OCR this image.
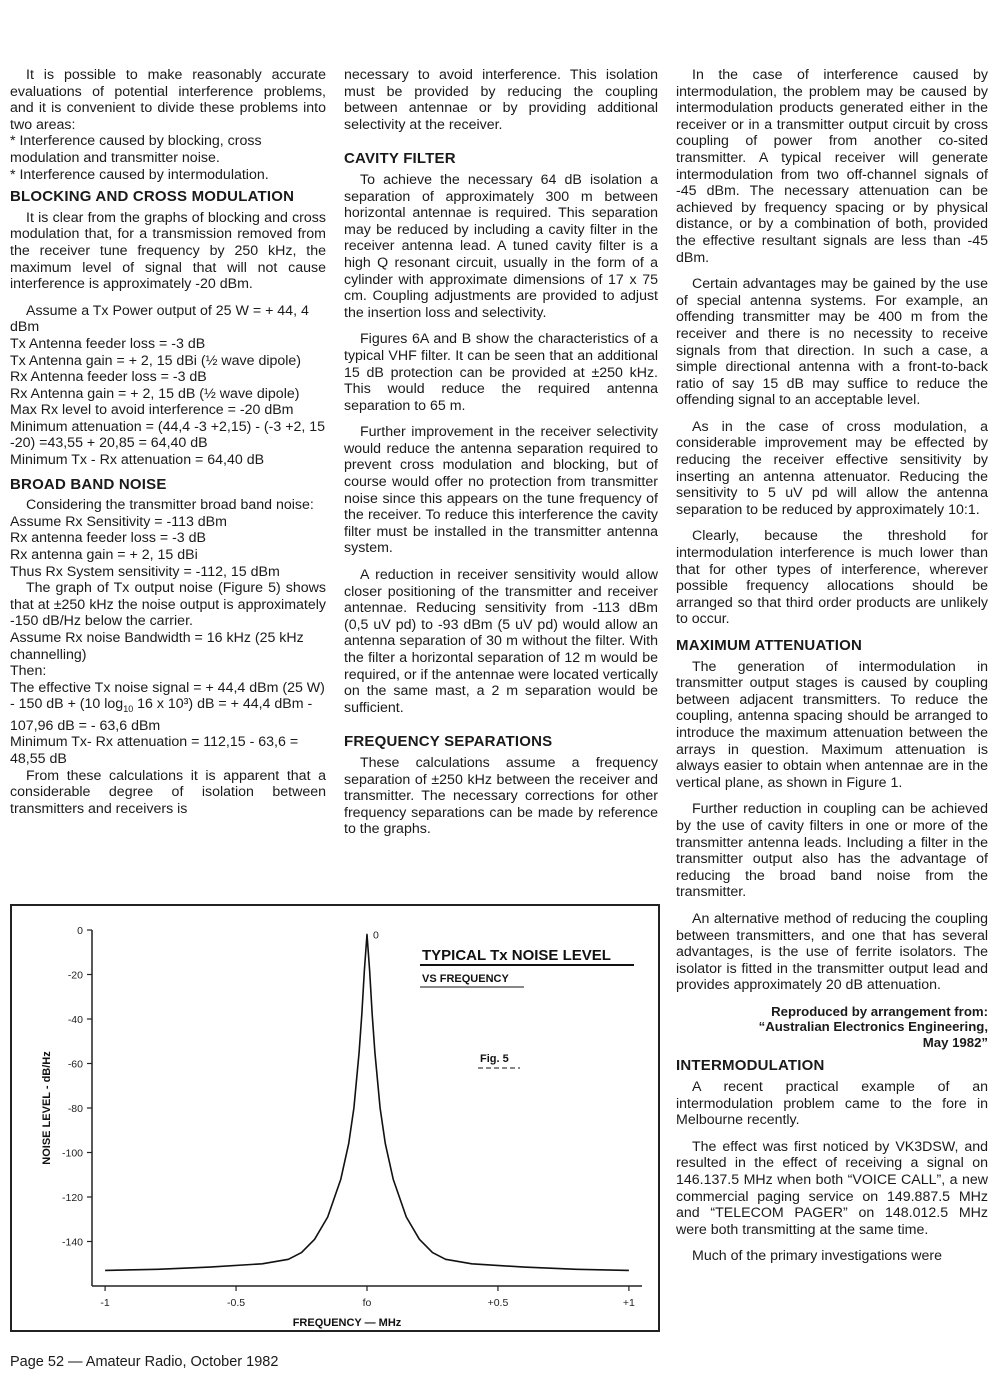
It is possible to make reasonably accurate evaluations of potential interference problems, and it is convenient to divide these problems into two areas:

* Interference caused by blocking, cross modulation and transmitter noise.

* Interference caused by intermodulation.

BLOCKING AND CROSS MODULATION

It is clear from the graphs of blocking and cross modulation that, for a transmission removed from the receiver tune frequency by 250 kHz, the maximum level of signal that will not cause interference is approximately -20 dBm.

Assume a Tx Power output of 25 W = + 44, 4 dBm

Tx Antenna feeder loss = -3 dB

Tx Antenna gain = + 2, 15 dBi (½ wave dipole)

Rx Antenna feeder loss = -3 dB

Rx Antenna gain = + 2, 15 dB (½ wave dipole)

Max Rx level to avoid interference = -20 dBm

Minimum attenuation = (44,4 -3 +2,15) - (-3 +2, 15 -20) =43,55 + 20,85 = 64,40 dB

Minimum Tx - Rx attenuation = 64,40 dB

BROAD BAND NOISE

Considering the transmitter broad band noise:

Assume Rx Sensitivity = -113 dBm

Rx antenna feeder loss = -3 dB

Rx antenna gain = + 2, 15 dBi

Thus Rx System sensitivity = -112, 15 dBm

The graph of Tx output noise (Figure 5) shows that at ±250 kHz the noise output is approximately -150 dB/Hz below the carrier.

Assume Rx noise Bandwidth = 16 kHz (25 kHz channelling)

Then:

The effective Tx noise signal = + 44,4 dBm (25 W) - 150 dB + (10 $\log_{10} 16$ x 10³) dB = + 44,4 dBm - 107,96 dB = - 63,6 dBm

Minimum Tx- Rx attenuation = 112,15 - 63,6 = 48,55 dB

From these calculations it is apparent that a considerable degree of isolation between transmitters and receivers is

necessary to avoid interference. This isolation must be provided by reducing the coupling between antennae or by providing additional selectivity at the receiver.

CAVITY FILTER

To achieve the necessary 64 dB isolation a separation of approximately 300 m between horizontal antennae is required. This separation may be reduced by including a cavity filter in the receiver antenna lead. A tuned cavity filter is a high Q resonant circuit, usually in the form of a cylinder with approximate dimensions of 17 x 75 cm. Coupling adjustments are provided to adjust the insertion loss and selectivity.

Figures 6A and B show the characteristics of a typical VHF filter. It can be seen that an additional 15 dB protection can be provided at ±250 kHz. This would reduce the required antenna separation to 65 m.

Further improvement in the receiver selectivity would reduce the antenna separation required to prevent cross modulation and blocking, but of course would offer no protection from transmitter noise since this appears on the tune frequency of the receiver. To reduce this interference the cavity filter must be installed in the transmitter antenna system.

A reduction in receiver sensitivity would allow closer positioning of the transmitter and receiver antennae. Reducing sensitivity from -113 dBm (0,5 uV pd) to -93 dBm (5 uV pd) would allow an antenna separation of 30 m without the filter. With the filter a horizontal separation of 12 m would be required, or if the antennae were located vertically on the same mast, a 2 m separation would be sufficient.

FREQUENCY SEPARATIONS

These calculations assume a frequency separation of ±250 kHz between the receiver and transmitter. The necessary corrections for other frequency separations can be made by reference to the graphs.

In the case of interference caused by intermodulation, the problem may be caused by intermodulation products generated either in the receiver or in a transmitter output circuit by cross coupling of power from another co-sited transmitter. A typical receiver will generate intermodulation from two off-channel signals of -45 dBm. The necessary attenuation can be achieved by frequency spacing or by physical distance, or by a combination of both, provided the effective resultant signals are less than -45 dBm.

Certain advantages may be gained by the use of special antenna systems. For example, an offending transmitter may be 400 m from the receiver and there is no necessity to receive signals from that direction. In such a case, a simple directional antenna with a front-to-back ratio of say 15 dB may suffice to reduce the offending signal to an acceptable level.

As in the case of cross modulation, a considerable improvement may be effected by reducing the receiver effective sensitivity by inserting an antenna attenuator. Reducing the sensitivity to 5 uV pd will allow the antenna separation to be reduced by approximately 10:1.

Clearly, because the threshold for intermodulation interference is much lower than that for other types of interference, wherever possible frequency allocations should be arranged so that third order products are unlikely to occur.

MAXIMUM ATTENUATION

The generation of intermodulation in transmitter output stages is caused by coupling between adjacent transmitters. To reduce the coupling, antenna spacing should be arranged to introduce the maximum attenuation between the arrays in question. Maximum attenuation is always easier to obtain when antennae are in the vertical plane, as shown in Figure 1.

Further reduction in coupling can be achieved by the use of cavity filters in one or more of the transmitter antenna leads. Including a filter in the transmitter output also has the advantage of reducing the broad band noise from the transmitter.

An alternative method of reducing the coupling between transmitters, and one that has several advantages, is the use of ferrite isolators. The isolator is fitted in the transmitter output lead and provides approximately 20 dB attenuation.

Reproduced by arrangement from:
“Australian Electronics Engineering,
May 1982”
INTERMODULATION

A recent practical example of an intermodulation problem came to the fore in Melbourne recently.

The effect was first noticed by VK3DSW, and resulted in the effect of receiving a signal on 146.137.5 MHz when both “VOICE CALL”, a new commercial paging service on 149.887.5 MHz and “TELECOM PAGER” on 148.012.5 MHz were both transmitting at the same time.

Much of the primary investigations were

0
-20
-40
-60
-80
-100
-120
-140
-1	-0.5	fo	+0.5	+1
0
TYPICAL Tx NOISE LEVEL
VS FREQUENCY
Fig. 5
FREQUENCY — MHz
NOISE LEVEL - dB/Hz
Page 52 — Amateur Radio, October 1982
